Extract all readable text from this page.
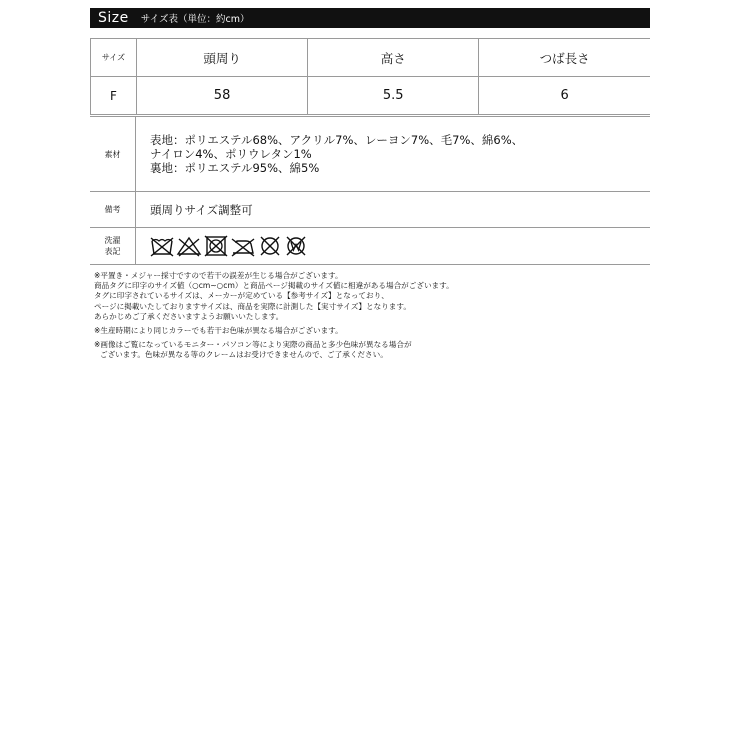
Size サイズ表（単位：約cm）
サイズ	頭周り	高さ	つば長さ
F	58	5.5	6
素材	表地：ポリエステル68%、アクリル7%、レーヨン7%、毛7%、綿6%、
ナイロン4%、ポリウレタン1%
裏地：ポリエステル95%、綿5%

備考	頭周りサイズ調整可

洗濯
表記

※平置き・メジャー採寸ですので若干の誤差が生じる場合がございます。

商品タグに印字のサイズ値（○cm~○cm）と商品ページ掲載のサイズ値に相違がある場合がございます。

タグに印字されているサイズは、メーカーが定めている【参考サイズ】となっており、

ページに掲載いたしておりますサイズは、商品を実際に計測した【実寸サイズ】となります。

あらかじめご了承くださいますようお願いいたします。

※生産時期により同じカラーでも若干お色味が異なる場合がございます。

※画像はご覧になっているモニター・パソコン等により実際の商品と多少色味が異なる場合が

ございます。色味が異なる等のクレームはお受けできませんので、ご了承ください。
